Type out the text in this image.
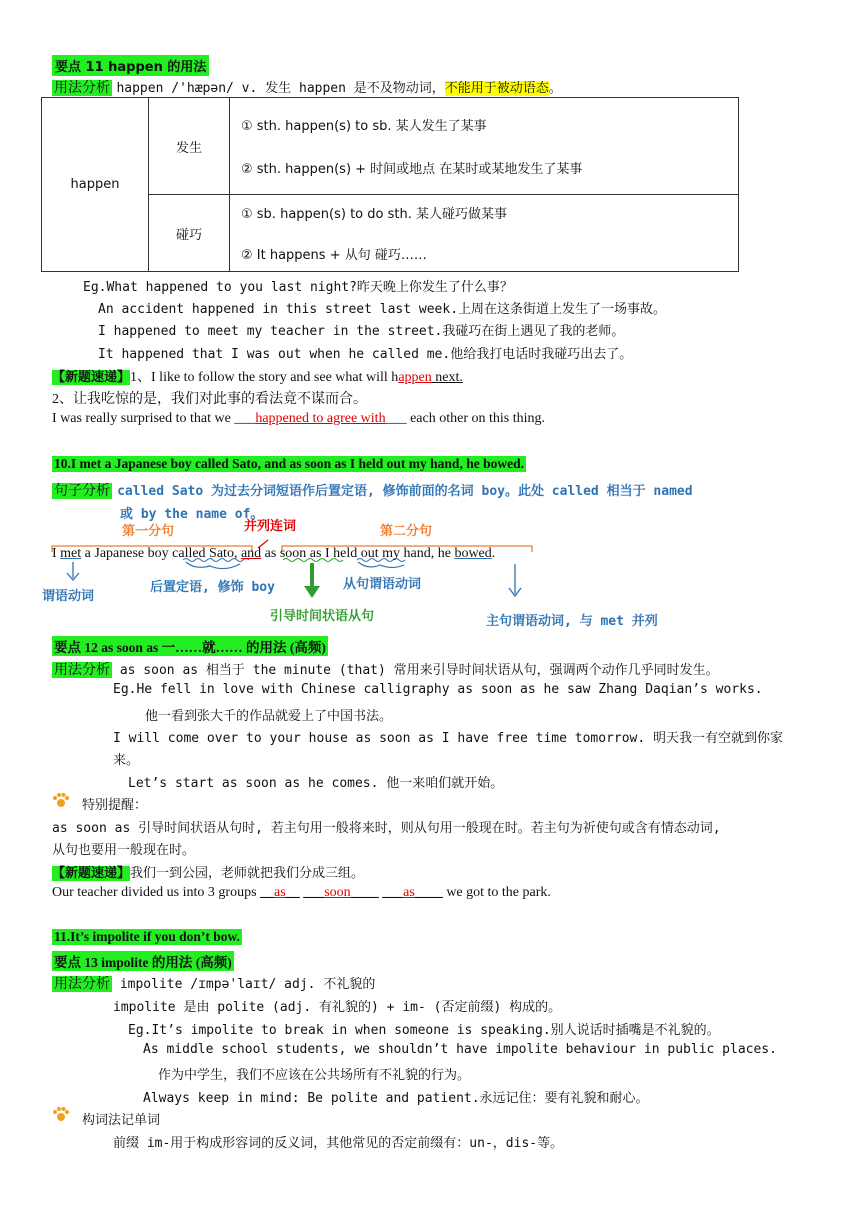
要点 11 happen 的用法
用法分析 happen /'hæpən/ v. 发生 happen 是不及物动词，不能用于被动语态。
happen	发生	① sth. happen(s) to sb. 某人发生了某事
② sth. happen(s) + 时间或地点 在某时或某地发生了某事

	碰巧	① sb. happen(s) to do sth. 某人碰巧做某事
② It happens + 从句 碰巧……
Eg.What happened to you last night?昨天晚上你发生了什么事？
An accident happened in this street last week.上周在这条街道上发生了一场事故。
I happened to meet my teacher in the street.我碰巧在街上遇见了我的老师。
It happened that I was out when he called me.他给我打电话时我碰巧出去了。
【新题速递】1、I like to follow the story and see what will happen next.
2、让我吃惊的是，我们对此事的看法竟不谋而合。
I was really surprised to that we ___happened to agree with___ each other on this thing.
10.I met a Japanese boy called Sato, and as soon as I held out my hand, he bowed.
句子分析 called Sato 为过去分词短语作后置定语, 修饰前面的名词 boy。此处 called 相当于 named
或 by the name of。
第一分句	并列连词	第二分句
I met a Japanese boy called Sato, and as soon as I held out my hand, he bowed.
谓语动词
后置定语, 修饰 boy	从句谓语动词
引导时间状语从句	主句谓语动词, 与 met 并列
要点 12 as soon as 一……就…… 的用法 (高频)
用法分析 as soon as 相当于 the minute (that) 常用来引导时间状语从句，强调两个动作几乎同时发生。
Eg.He fell in love with Chinese calligraphy as soon as he saw Zhang Daqian’s works.
他一看到张大千的作品就爱上了中国书法。
I will come over to your house as soon as I have free time tomorrow. 明天我一有空就到你家
来。
Let’s start as soon as he comes. 他一来咱们就开始。
特别提醒：
as soon as 引导时间状语从句时, 若主句用一般将来时，则从句用一般现在时。若主句为祈使句或含有情态动词,
从句也要用一般现在时。
【新题速递】我们一到公园，老师就把我们分成三组。
Our teacher divided us into 3 groups __as__ ___soon____ ___as____ we got to the park.
11.It’s impolite if you don’t bow.
要点 13 impolite 的用法 (高频)
用法分析 impolite /ɪmpə'laɪt/ adj. 不礼貌的
impolite 是由 polite (adj. 有礼貌的) + im- (否定前缀) 构成的。
Eg.It’s impolite to break in when someone is speaking.别人说话时插嘴是不礼貌的。
As middle school students, we shouldn’t have impolite behaviour in public places.
作为中学生，我们不应该在公共场所有不礼貌的行为。
Always keep in mind: Be polite and patient.永远记住：要有礼貌和耐心。
构词法记单词
前缀 im-用于构成形容词的反义词，其他常见的否定前缀有：un-，dis-等。
